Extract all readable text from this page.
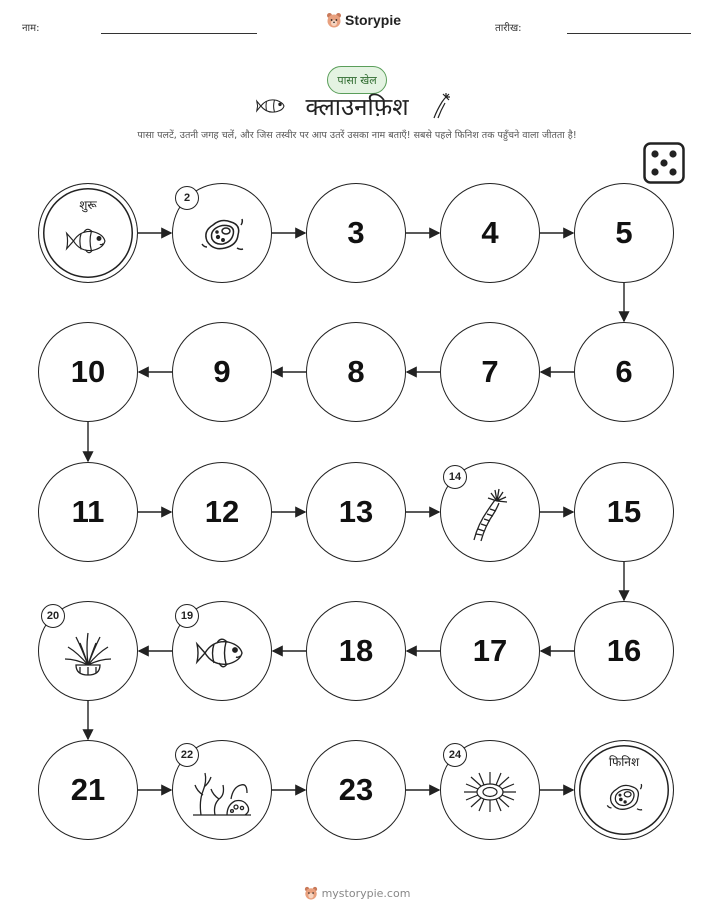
नाम:
Storypie
तारीख:
पासा खेल
क्लाउनफ़िश
पासा पलटें, उतनी जगह चलें, और जिस तस्वीर पर आप उतरें उसका नाम बताएँ! सबसे पहले फिनिश तक पहुँचने वाला जीतता है!
शुरू	2
3	4	5
6
7
8
9
10
11	12	13
14
15
16
17
18
19
20
21
22
23
24	फिनिश
mystorypie.com
